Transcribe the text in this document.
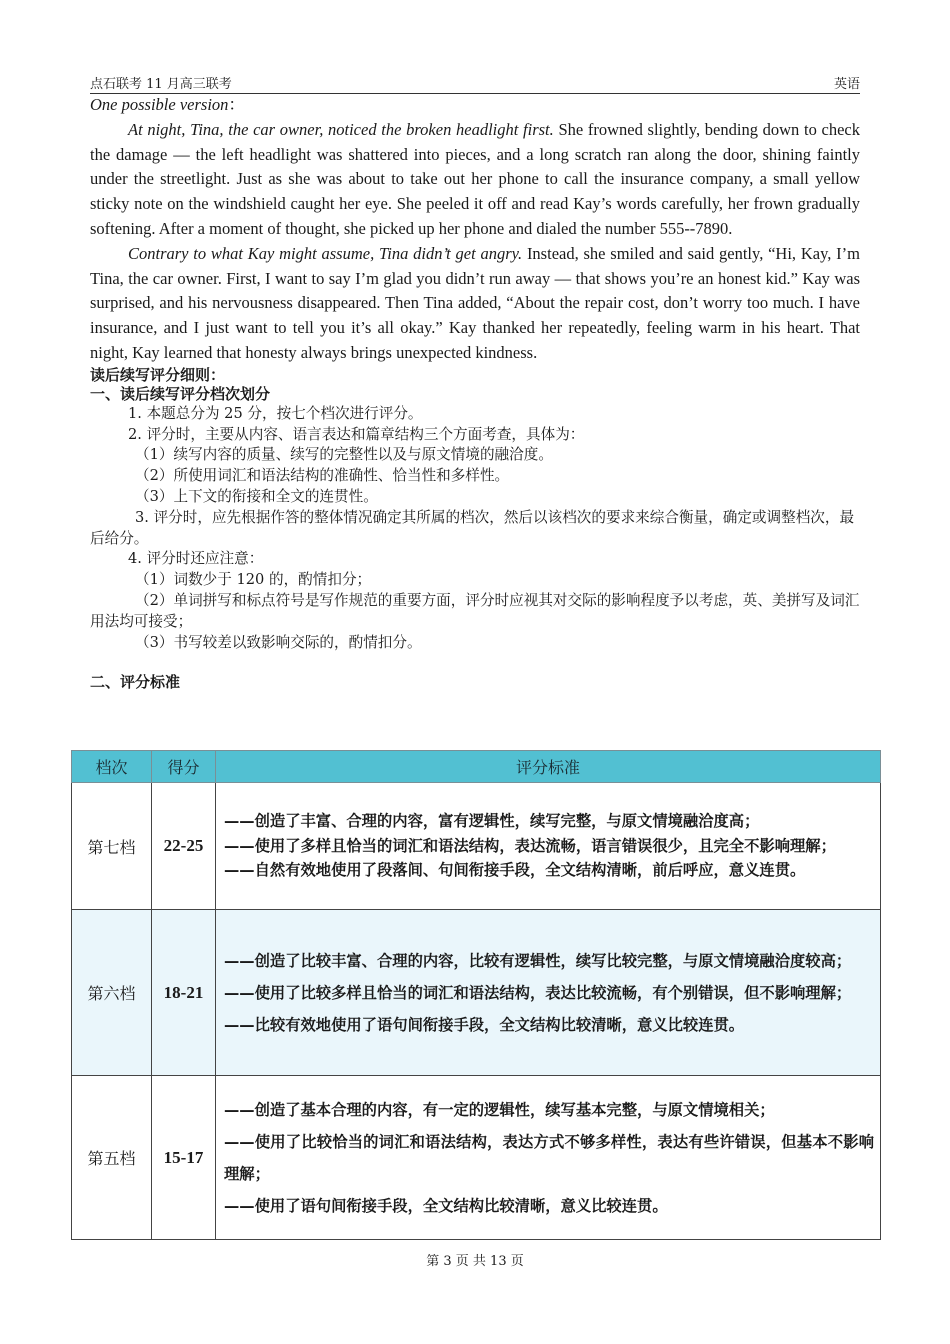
点石联考 11 月高三联考	英语

One possible version：

At night, Tina, the car owner, noticed the broken headlight first. She frowned slightly, bending down to check the damage — the left headlight was shattered into pieces, and a long scratch ran along the door, shining faintly under the streetlight. Just as she was about to take out her phone to call the insurance company, a small yellow sticky note on the windshield caught her eye. She peeled it off and read Kay’s words carefully, her frown gradually softening. After a moment of thought, she picked up her phone and dialed the number 555--7890.

Contrary to what Kay might assume, Tina didn’t get angry. Instead, she smiled and said gently, “Hi, Kay, I’m Tina, the car owner. First, I want to say I’m glad you didn’t run away — that shows you’re an honest kid.” Kay was surprised, and his nervousness disappeared. Then Tina added, “About the repair cost, don’t worry too much. I have insurance, and I just want to tell you it’s all okay.” Kay thanked her repeatedly, feeling warm in his heart. That night, Kay learned that honesty always brings unexpected kindness.

读后续写评分细则：

一、读后续写评分档次划分

1. 本题总分为 25 分，按七个档次进行评分。

2. 评分时，主要从内容、语言表达和篇章结构三个方面考查，具体为：

（1）续写内容的质量、续写的完整性以及与原文情境的融洽度。

（2）所使用词汇和语法结构的准确性、恰当性和多样性。

（3）上下文的衔接和全文的连贯性。

3. 评分时，应先根据作答的整体情况确定其所属的档次，然后以该档次的要求来综合衡量，确定或调整档次，最后给分。

4. 评分时还应注意：

（1）词数少于 120 的，酌情扣分；

（2）单词拼写和标点符号是写作规范的重要方面，评分时应视其对交际的影响程度予以考虑，英、美拼写及词汇用法均可接受；

（3）书写较差以致影响交际的，酌情扣分。

二、评分标准

档次	得分	评分标准
第七档	22-25	——创造了丰富、合理的内容，富有逻辑性，续写完整，与原文情境融洽度高；
——使用了多样且恰当的词汇和语法结构，表达流畅，语言错误很少，且完全不影响理解；
——自然有效地使用了段落间、句间衔接手段，全文结构清晰，前后呼应，意义连贯。

第六档	18-21	——创造了比较丰富、合理的内容，比较有逻辑性，续写比较完整，与原文情境融洽度较高；
——使用了比较多样且恰当的词汇和语法结构，表达比较流畅，有个别错误，但不影响理解；
——比较有效地使用了语句间衔接手段，全文结构比较清晰，意义比较连贯。

第五档	15-17	——创造了基本合理的内容，有一定的逻辑性，续写基本完整，与原文情境相关；
——使用了比较恰当的词汇和语法结构，表达方式不够多样性，表达有些许错误，但基本不影响理解；
——使用了语句间衔接手段，全文结构比较清晰，意义比较连贯。
第 3 页 共 13 页
